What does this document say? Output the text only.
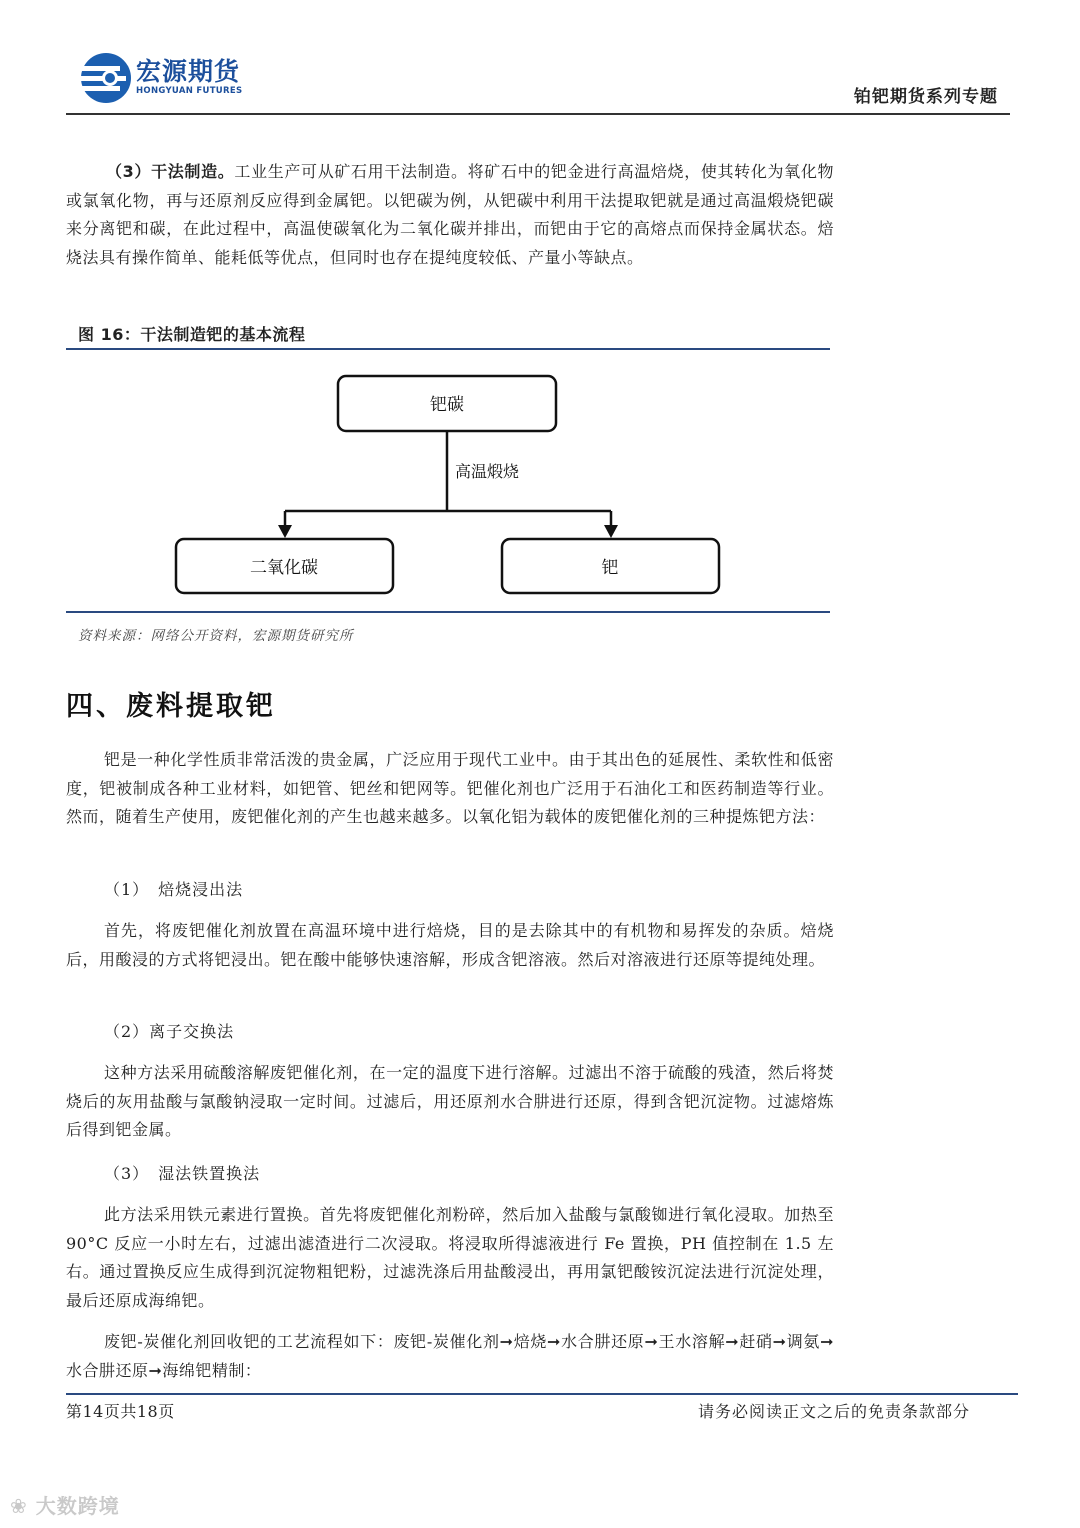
宏源期货
HONGYUAN FUTURES	铂钯期货系列专题

（3）干法制造。工业生产可从矿石用干法制造。将矿石中的钯金进行高温焙烧，使其转化为氧化物或氯氧化物，再与还原剂反应得到金属钯。以钯碳为例，从钯碳中利用干法提取钯就是通过高温煅烧钯碳来分离钯和碳，在此过程中，高温使碳氧化为二氧化碳并排出，而钯由于它的高熔点而保持金属状态。焙烧法具有操作简单、能耗低等优点，但同时也存在提纯度较低、产量小等缺点。

图 16：干法制造钯的基本流程
钯碳
高温煅烧
二氧化碳	钯
资料来源：网络公开资料，宏源期货研究所
四、废料提取钯

钯是一种化学性质非常活泼的贵金属，广泛应用于现代工业中。由于其出色的延展性、柔软性和低密度，钯被制成各种工业材料，如钯管、钯丝和钯网等。钯催化剂也广泛用于石油化工和医药制造等行业。然而，随着生产使用，废钯催化剂的产生也越来越多。以氧化铝为载体的废钯催化剂的三种提炼钯方法：

（1）　焙烧浸出法

首先，将废钯催化剂放置在高温环境中进行焙烧，目的是去除其中的有机物和易挥发的杂质。焙烧后，用酸浸的方式将钯浸出。钯在酸中能够快速溶解，形成含钯溶液。然后对溶液进行还原等提纯处理。

（2）离子交换法

这种方法采用硫酸溶解废钯催化剂，在一定的温度下进行溶解。过滤出不溶于硫酸的残渣，然后将焚烧后的灰用盐酸与氯酸钠浸取一定时间。过滤后，用还原剂水合肼进行还原，得到含钯沉淀物。过滤熔炼后得到钯金属。

（3）　湿法铁置换法

此方法采用铁元素进行置换。首先将废钯催化剂粉碎，然后加入盐酸与氯酸铷进行氧化浸取。加热至 90°C 反应一小时左右，过滤出滤渣进行二次浸取。将浸取所得滤液进行 Fe 置换，PH 值控制在 1.5 左右。通过置换反应生成得到沉淀物粗钯粉，过滤洗涤后用盐酸浸出，再用氯钯酸铵沉淀法进行沉淀处理，最后还原成海绵钯。

废钯-炭催化剂回收钯的工艺流程如下：废钯-炭催化剂➞焙烧➞水合肼还原➞王水溶解➞赶硝➞调氨➞ 水合肼还原➞海绵钯精制：

第14页共18页	请务必阅读正文之后的免责条款部分
❀ 大数跨境
